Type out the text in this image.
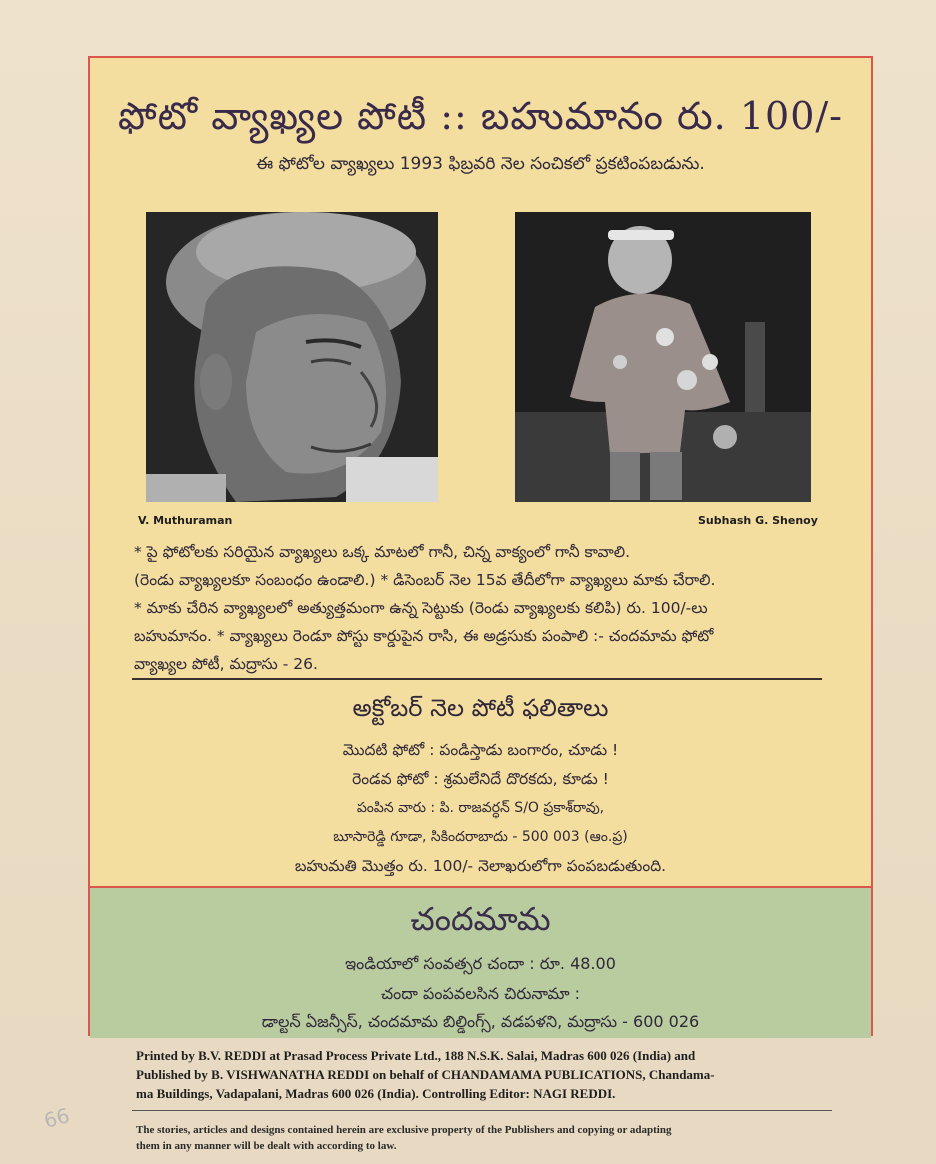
ఫోటో వ్యాఖ్యల పోటీ :: బహుమానం రు. 100/-
ఈ ఫోటోల వ్యాఖ్యలు 1993 ఫిబ్రవరి నెల సంచికలో ప్రకటింపబడును.
V. Muthuraman	Subhash G. Shenoy
* పై ఫోటోలకు సరియైన వ్యాఖ్యలు ఒక్క మాటలో గానీ, చిన్న వాక్యంలో గానీ కావాలి.
(రెండు వ్యాఖ్యలకూ సంబంధం ఉండాలి.) * డిసెంబర్ నెల 15వ తేదీలోగా వ్యాఖ్యలు మాకు చేరాలి.
* మాకు చేరిన వ్యాఖ్యలలో అత్యుత్తమంగా ఉన్న సెట్టుకు (రెండు వ్యాఖ్యలకు కలిపి) రు. 100/-లు
బహుమానం. * వ్యాఖ్యలు రెండూ పోస్టు కార్డుపైన రాసి, ఈ అడ్రసుకు పంపాలి :- చందమామ ఫోటో
వ్యాఖ్యల పోటీ, మద్రాసు - 26.
అక్టోబర్ నెల పోటీ ఫలితాలు
మొదటి ఫోటో : పండిస్తాడు బంగారం, చూడు !
రెండవ ఫోటో : శ్రమలేనిదే దొరకదు, కూడు !
పంపిన వారు : పి. రాజవర్ధన్ S/O ప్రకాశ్‌రావు,
బూసారెడ్డి గూడా, సికిందరాబాదు - 500 003 (ఆం.ప్ర)
బహుమతి మొత్తం రు. 100/- నెలాఖరులోగా పంపబడుతుంది.
చందమామ
ఇండియాలో సంవత్సర చందా : రూ. 48.00
చందా పంపవలసిన చిరునామా :
డాల్టన్ ఏజన్సీస్, చందమామ బిల్డింగ్స్, వడపళని, మద్రాసు - 600 026
Printed by B.V. REDDI at Prasad Process Private Ltd., 188 N.S.K. Salai, Madras 600 026 (India) and
Published by B. VISHWANATHA REDDI on behalf of CHANDAMAMA PUBLICATIONS, Chandama-
ma Buildings, Vadapalani, Madras 600 026 (India). Controlling Editor: NAGI REDDI.
The stories, articles and designs contained herein are exclusive property of the Publishers and copying or adapting
them in any manner will be dealt with according to law.
66
